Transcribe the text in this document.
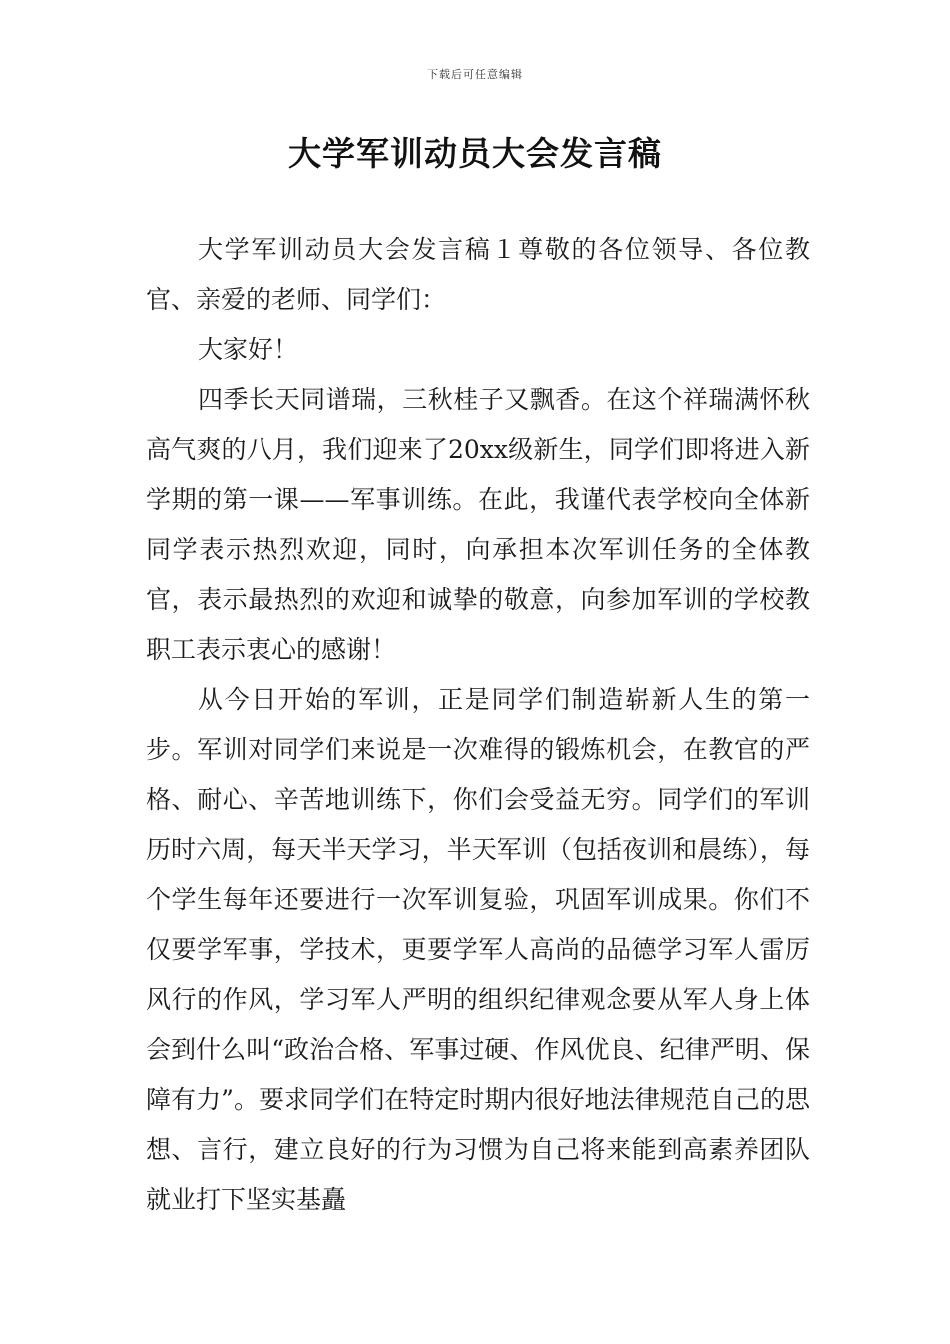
下载后可任意编辑
大学军训动员大会发言稿

大学军训动员大会发言稿１尊敬的各位领导、各位教官、亲爱的老师、同学们：

大家好！

四季长天同谱瑞，三秋桂子又飘香。在这个祥瑞满怀秋高气爽的八月，我们迎来了20xx级新生，同学们即将进入新学期的第一课——军事训练。在此，我谨代表学校向全体新同学表示热烈欢迎，同时，向承担本次军训任务的全体教官，表示最热烈的欢迎和诚挚的敬意，向参加军训的学校教职工表示衷心的感谢！

从今日开始的军训，正是同学们制造崭新人生的第一步。军训对同学们来说是一次难得的锻炼机会，在教官的严格、耐心、辛苦地训练下，你们会受益无穷。同学们的军训历时六周，每天半天学习，半天军训（包括夜训和晨练），每个学生每年还要进行一次军训复验，巩固军训成果。你们不仅要学军事，学技术，更要学军人高尚的品德学习军人雷厉风行的作风，学习军人严明的组织纪律观念要从军人身上体会到什么叫“政治合格、军事过硬、作风优良、纪律严明、保障有力”。要求同学们在特定时期内很好地法律规范自己的思想、言行，建立良好的行为习惯为自己将来能到高素养团队就业打下坚实基矗
